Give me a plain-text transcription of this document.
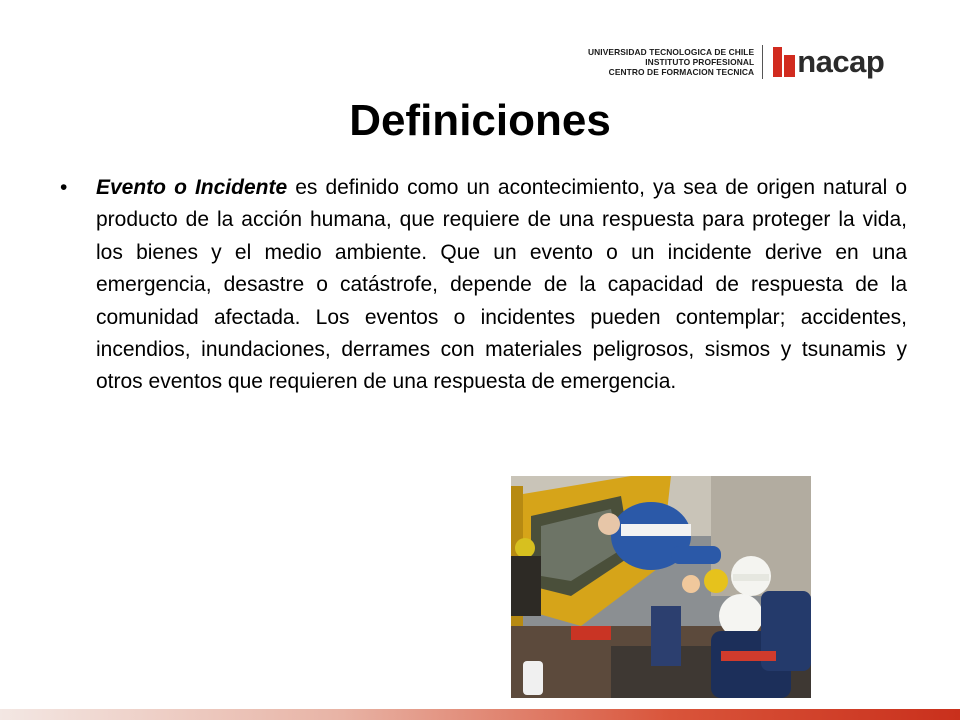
UNIVERSIDAD TECNOLOGICA DE CHILE
INSTITUTO PROFESIONAL
CENTRO DE FORMACION TECNICA nacap
Definiciones
•	Evento o Incidente es definido como un acontecimiento, ya sea de origen natural o producto de la acción humana, que requiere de una respuesta para proteger la vida, los bienes y el medio ambiente. Que un evento o un incidente derive en una emergencia, desastre o catástrofe, depende de la capacidad de respuesta de la comunidad afectada. Los eventos o incidentes pueden contemplar; accidentes, incendios, inundaciones, derrames con materiales peligrosos, sismos y tsunamis y otros eventos que requieren de una respuesta de emergencia.
